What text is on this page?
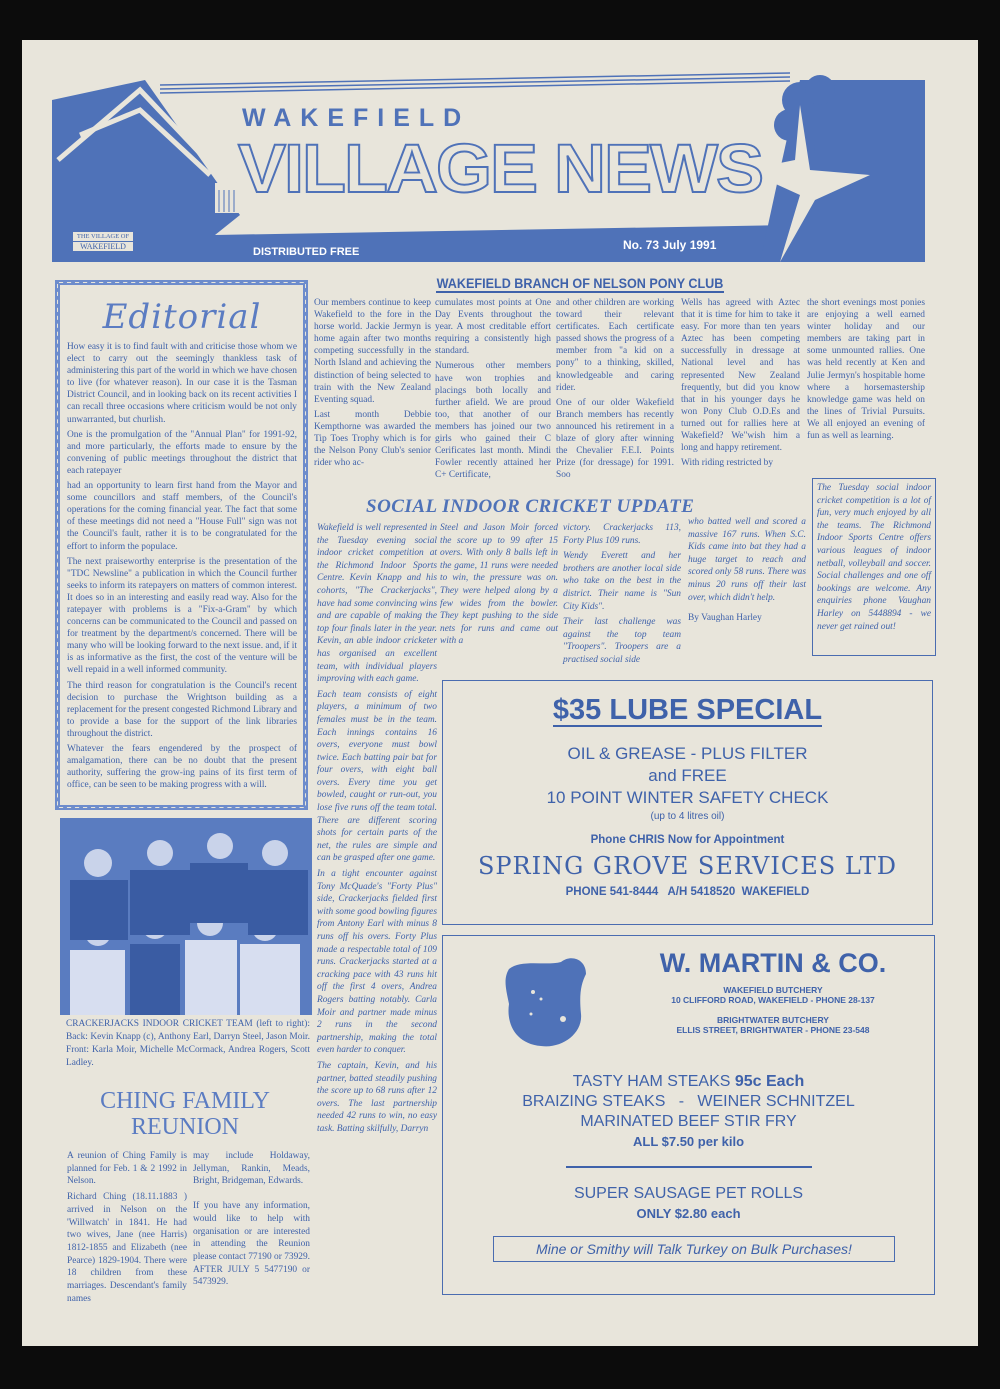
WAKEFIELD
VILLAGE NEWS
DISTRIBUTED FREE	No. 73 July 1991
THE VILLAGE OF
WAKEFIELD
Editorial

How easy it is to find fault with and criticise those whom we elect to carry out the seemingly thankless task of administering this part of the world in which we have chosen to live (for whatever reason). In our case it is the Tasman District Council, and in looking back on its recent activities I can recall three occasions where criticism would be not only unwarranted, but churlish.

One is the promulgation of the "Annual Plan" for 1991-92, and more particularly, the efforts made to ensure by the convening of public meetings throughout the district that each ratepayer

had an opportunity to learn first hand from the Mayor and some councillors and staff members, of the Council's operations for the coming financial year. The fact that some of these meetings did not need a "House Full" sign was not the Council's fault, rather it is to be congratulated for the effort to inform the populace.

The next praiseworthy enterprise is the presentation of the "TDC Newsline" a publication in which the Council further seeks to inform its ratepayers on matters of common interest. It does so in an interesting and easily read way. Also for the ratepayer with problems is a "Fix-a-Gram" by which concerns can be communicated to the Council and passed on for treatment by the department/s concerned. There will be many who will be looking forward to the next issue. and, if it is as informative as the first, the cost of the venture will be well repaid in a well informed community.

The third reason for congratulation is the Council's recent decision to purchase the Wrightson building as a replacement for the present congested Richmond Library and to provide a base for the support of the link libraries throughout the district.

Whatever the fears engendered by the prospect of amalgamation, there can be no doubt that the present authority, suffering the grow-ing pains of its first term of office, can be seen to be making progress with a will.

CRACKERJACKS INDOOR CRICKET TEAM (left to right): Back: Kevin Knapp (c), Anthony Earl, Darryn Steel, Jason Moir. Front: Karla Moir, Michelle McCormack, Andrea Rogers, Scott Ladley.
CHING FAMILY
REUNION

A reunion of Ching Family is planned for Feb. 1 & 2 1992 in Nelson.

Richard Ching (18.11.1883 ) arrived in Nelson on the 'Willwatch' in 1841. He had two wives, Jane (nee Harris) 1812-1855 and Elizabeth (nee Pearce) 1829-1904. There were 18 children from these marriages. Descendant's family names

may include Holdaway, Jellyman, Rankin, Meads, Bright, Bridgeman, Edwards.

If you have any information, would like to help with organisation or are interested in attending the Reunion please contact 77190 or 73929. AFTER JULY 5 5477190 or 5473929.

WAKEFIELD BRANCH OF NELSON PONY CLUB

Our members continue to keep Wakefield to the fore in the horse world. Jackie Jermyn is home again after two months competing successfully in the North Island and achieving the distinction of being selected to train with the New Zealand Eventing squad.

Last month Debbie Kempthorne was awarded the Tip Toes Trophy which is for the Nelson Pony Club's senior rider who ac-

cumulates most points at One Day Events throughout the year. A most creditable effort requiring a consistently high standard.

Numerous other members have won trophies and placings both locally and further afield. We are proud too, that another of our members has joined our two girls who gained their C Cerificates last month. Mindi Fowler recently attained her C+ Certificate,

and other children are working toward their relevant certificates. Each certificate passed shows the progress of a member from "a kid on a pony" to a thinking, skilled, knowledgeable and caring rider.

One of our older Wakefield Branch members has recently announced his retirement in a blaze of glory after winning the Chevalier F.E.I. Points Prize (for dressage) for 1991. Soo

Wells has agreed with Aztec that it is time for him to take it easy. For more than ten years Aztec has been competing successfully in dressage at National level and has represented New Zealand frequently, but did you know that in his younger days he won Pony Club O.D.Es and turned out for rallies here at Wakefield? We"wish him a long and happy retirement.

With riding restricted by

the short evenings most ponies are enjoying a well earned winter holiday and our members are taking part in some unmounted rallies. One was held recently at Ken and Julie Jermyn's hospitable home where a horsemastership knowledge game was held on the lines of Trivial Pursuits. We all enjoyed an evening of fun as well as learning.

SOCIAL INDOOR CRICKET UPDATE

Wakefield is well represented in the Tuesday evening social indoor cricket competition at the Richmond Indoor Sports Centre. Kevin Knapp and his cohorts, "The Crackerjacks", have had some convincing wins and are capable of making the top four finals later in the year. Kevin, an able indoor cricketer has organised an excellent team, with individual players improving with each game.

Each team consists of eight players, a minimum of two females must be in the team. Each innings contains 16 overs, everyone must bowl twice. Each batting pair bat for four overs, with eight ball overs. Every time you get bowled, caught or run-out, you lose five runs off the team total. There are different scoring shots for certain parts of the net, the rules are simple and can be grasped after one game.

In a tight encounter against Tony McQuade's "Forty Plus" side, Crackerjacks fielded first with some good bowling figures from Antony Earl with minus 8 runs off his overs. Forty Plus made a respectable total of 109 runs. Crackerjacks started at a cracking pace with 43 runs hit off the first 4 overs, Andrea Rogers batting notably. Carla Moir and partner made minus 2 runs in the second partnership, making the total even harder to conquer.

The captain, Kevin, and his partner, batted steadily pushing the score up to 68 runs after 12 overs. The last partnership needed 42 runs to win, no easy task. Batting skilfully, Darryn

Steel and Jason Moir forced the score up to 99 after 15 overs. With only 8 balls left in the game, 11 runs were needed to win, the pressure was on. They were helped along by a few wides from the bowler. They kept pushing to the side nets for runs and came out with a

victory. Crackerjacks 113, Forty Plus 109 runs.

Wendy Everett and her brothers are another local side who take on the best in the district. Their name is "Sun City Kids".

Their last challenge was against the top team "Troopers". Troopers are a practised social side

who batted well and scored a massive 167 runs. When S.C. Kids came into bat they had a huge target to reach and scored only 58 runs. There was minus 20 runs off their last over, which didn't help.

By Vaughan Harley

The Tuesday social indoor cricket competition is a lot of fun, very much enjoyed by all the teams. The Richmond Indoor Sports Centre offers various leagues of indoor netball, volleyball and soccer. Social challenges and one off bookings are welcome. Any enquiries phone Vaughan Harley on 5448894 - we never get rained out!
$35 LUBE SPECIAL
OIL & GREASE - PLUS FILTER
and FREE
10 POINT WINTER SAFETY CHECK
(up to 4 litres oil)
Phone CHRIS Now for Appointment
SPRING GROVE SERVICES LTD
PHONE 541-8444   A/H 5418520  WAKEFIELD
W. MARTIN & CO.
WAKEFIELD BUTCHERY
10 CLIFFORD ROAD, WAKEFIELD - PHONE 28-137
BRIGHTWATER BUTCHERY
ELLIS STREET, BRIGHTWATER - PHONE 23-548
TASTY HAM STEAKS 95c Each
BRAIZING STEAKS   -   WEINER SCHNITZEL
MARINATED BEEF STIR FRY
ALL $7.50 per kilo
SUPER SAUSAGE PET ROLLS
ONLY $2.80 each
Mine or Smithy will Talk Turkey on Bulk Purchases!
